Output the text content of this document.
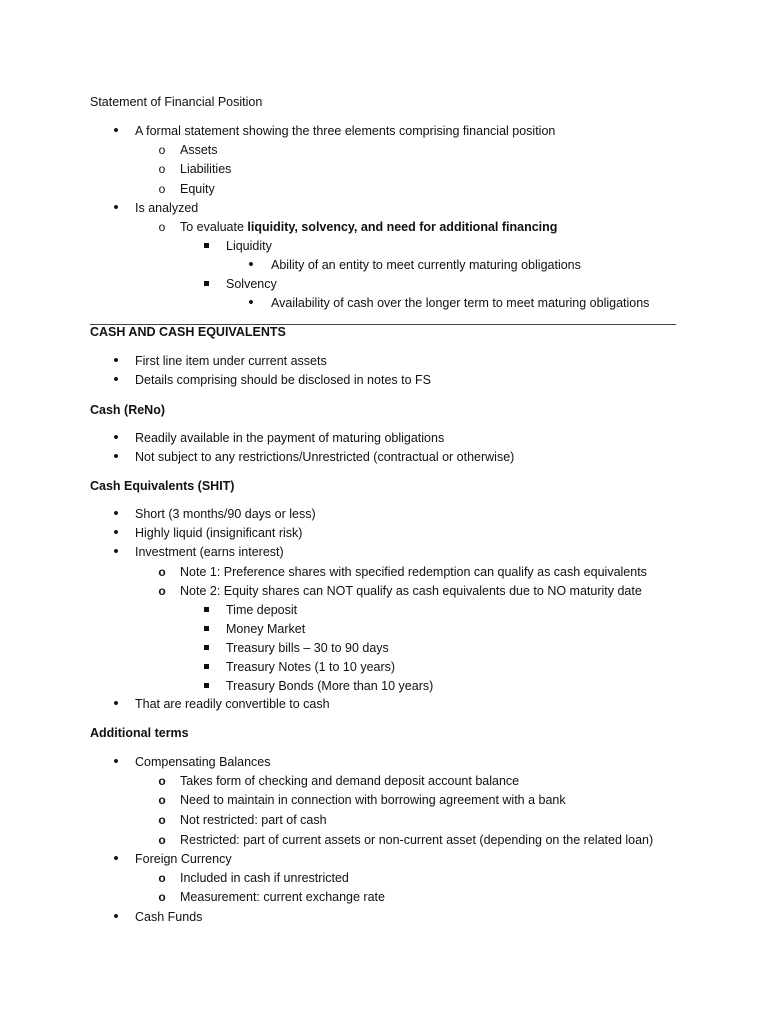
Statement of Financial Position
•
A formal statement showing the three elements comprising financial position
o
Assets
o
Liabilities
o
Equity
•
Is analyzed
o
To evaluate liquidity, solvency, and need for additional financing
Liquidity
•
Ability of an entity to meet currently maturing obligations
Solvency
•
Availability of cash over the longer term to meet maturing obligations
CASH AND CASH EQUIVALENTS
•
First line item under current assets
•
Details comprising should be disclosed in notes to FS
Cash (ReNo)
•
Readily available in the payment of maturing obligations
•
Not subject to any restrictions/Unrestricted (contractual or otherwise)
Cash Equivalents (SHIT)
•
Short (3 months/90 days or less)
•
Highly liquid (insignificant risk)
•
Investment (earns interest)
o
Note 1: Preference shares with specified redemption can qualify as cash equivalents
o
Note 2: Equity shares can NOT qualify as cash equivalents due to NO maturity date
Time deposit
Money Market
Treasury bills – 30 to 90 days
Treasury Notes (1 to 10 years)
Treasury Bonds (More than 10 years)
•
That are readily convertible to cash
Additional terms
•
Compensating Balances
o
Takes form of checking and demand deposit account balance
o
Need to maintain in connection with borrowing agreement with a bank
o
Not restricted: part of cash
o
Restricted: part of current assets or non-current asset (depending on the related loan)
•
Foreign Currency
o
Included in cash if unrestricted
o
Measurement: current exchange rate
•
Cash Funds
